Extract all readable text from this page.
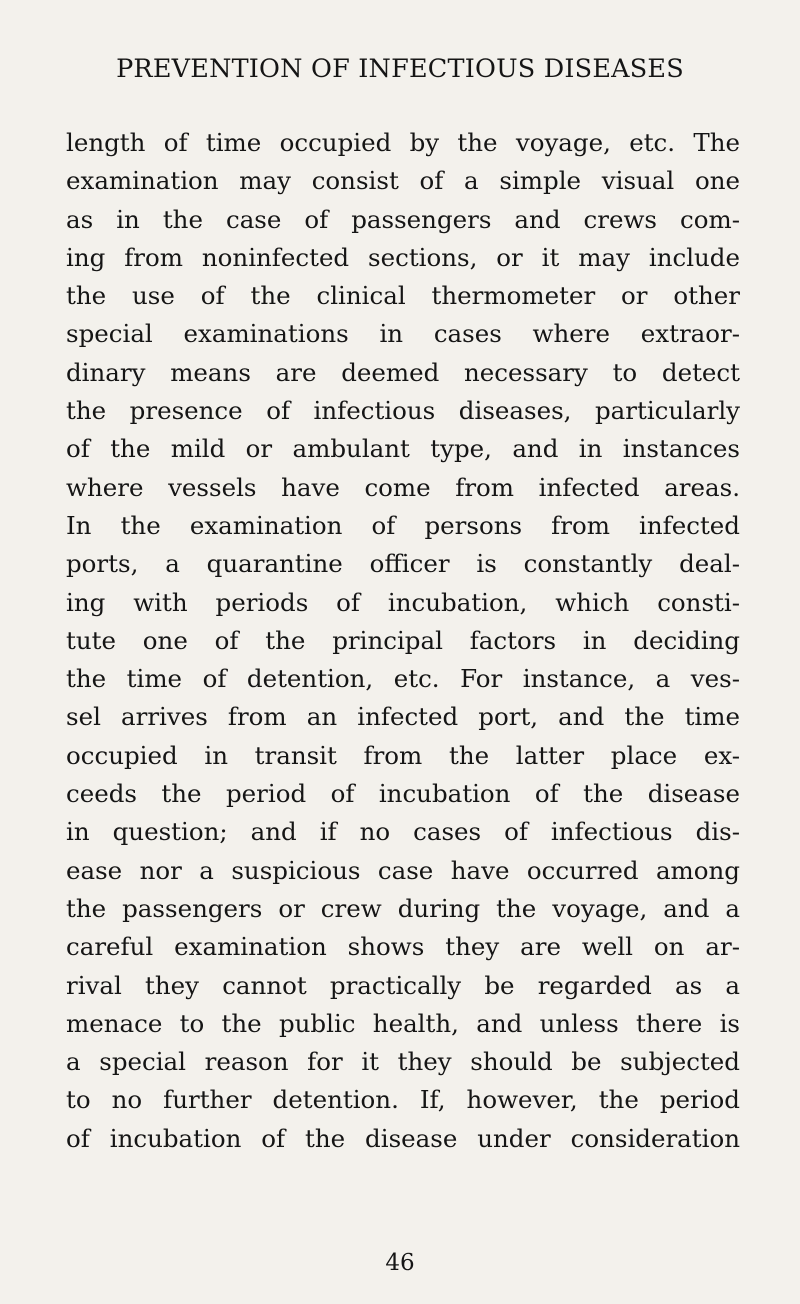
PREVENTION OF INFECTIOUS DISEASES
length of time occupied by the voyage, etc. The
examination may consist of a simple visual one
as in the case of passengers and crews com-
ing from noninfected sections, or it may include
the use of the clinical thermometer or other
special examinations in cases where extraor-
dinary means are deemed necessary to detect
the presence of infectious diseases, particularly
of the mild or ambulant type, and in instances
where vessels have come from infected areas.
In the examination of persons from infected
ports, a quarantine officer is constantly deal-
ing with periods of incubation, which consti-
tute one of the principal factors in deciding
the time of detention, etc. For instance, a ves-
sel arrives from an infected port, and the time
occupied in transit from the latter place ex-
ceeds the period of incubation of the disease
in question; and if no cases of infectious dis-
ease nor a suspicious case have occurred among
the passengers or crew during the voyage, and a
careful examination shows they are well on ar-
rival they cannot practically be regarded as a
menace to the public health, and unless there is
a special reason for it they should be subjected
to no further detention. If, however, the period
of incubation of the disease under consideration
46
